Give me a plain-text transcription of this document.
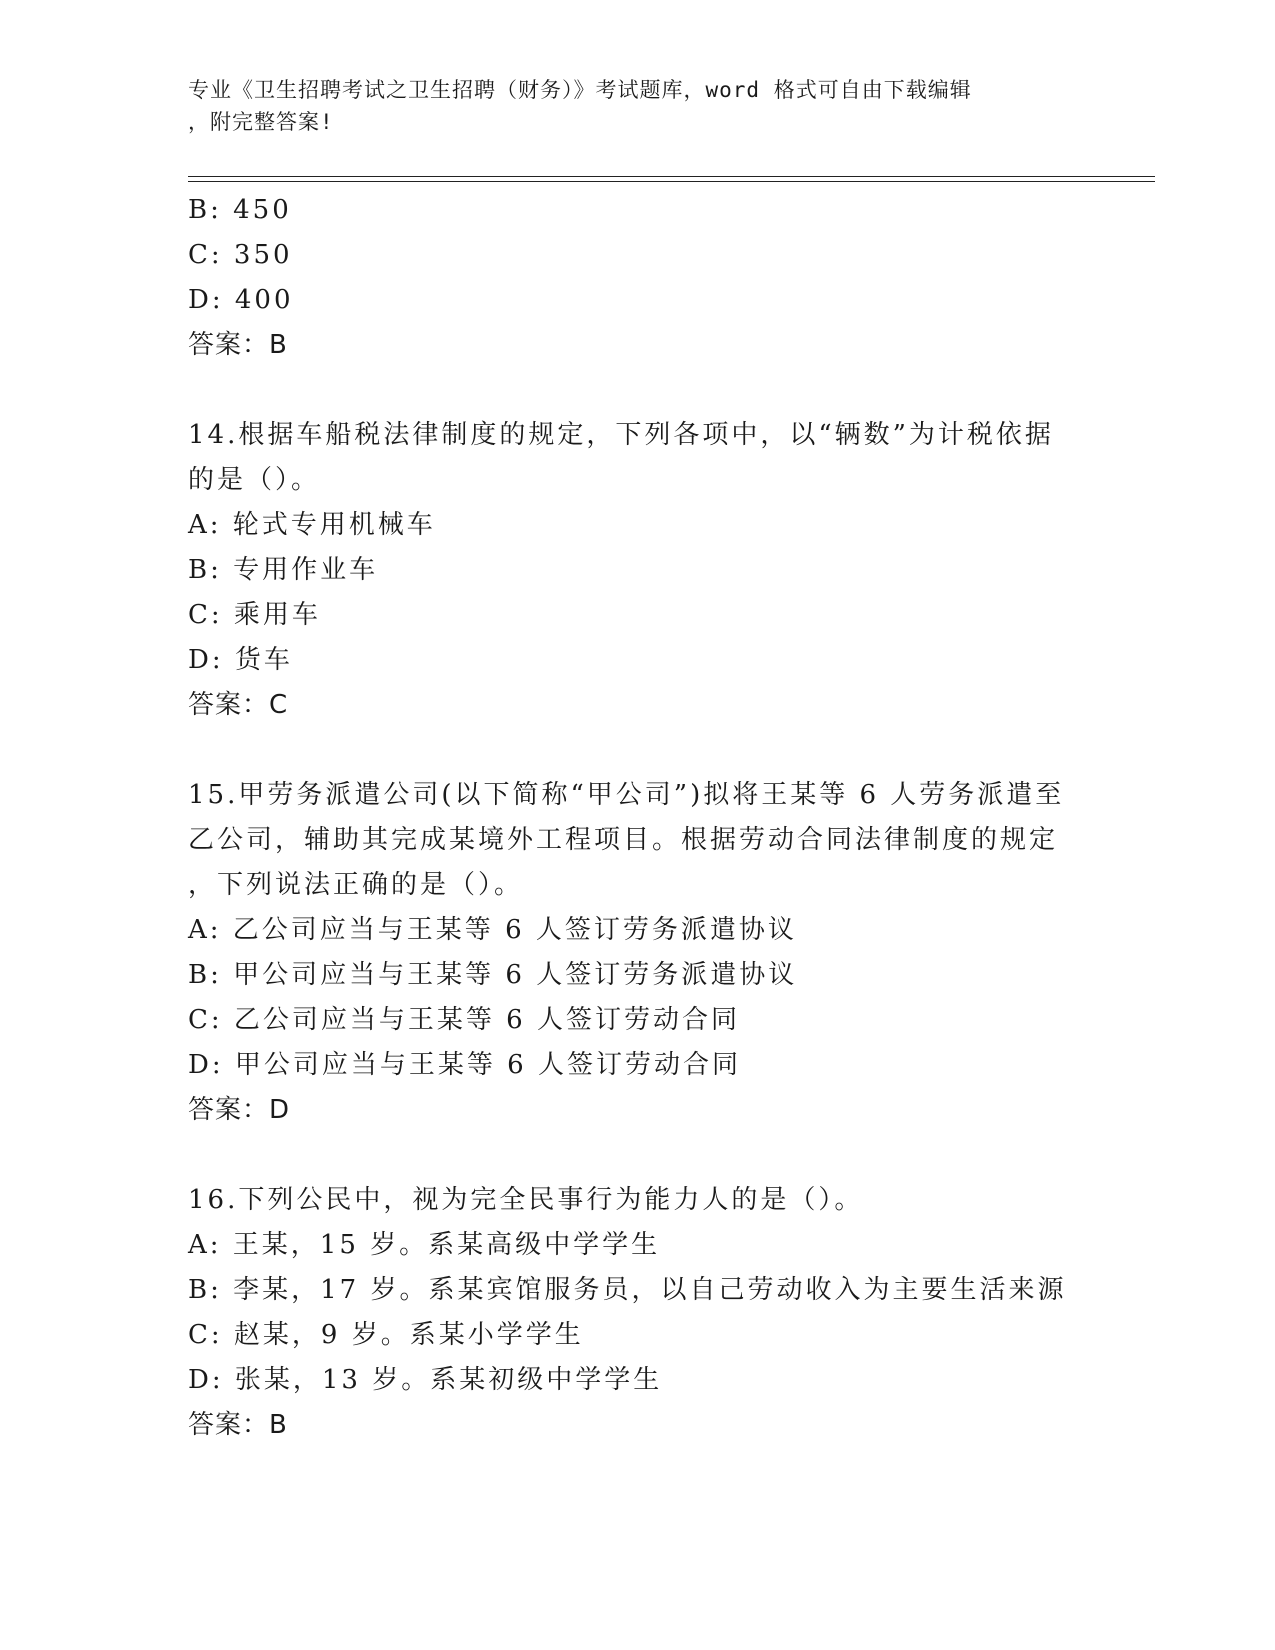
专业《卫生招聘考试之卫生招聘（财务）》考试题库，word 格式可自由下载编辑
，附完整答案!
B: 450
C: 350
D: 400
答案：B
14.根据车船税法律制度的规定，下列各项中，以“辆数”为计税依据
的是（）。
A: 轮式专用机械车
B: 专用作业车
C: 乘用车
D: 货车
答案：C
15.甲劳务派遣公司(以下简称“甲公司”)拟将王某等 6 人劳务派遣至
乙公司，辅助其完成某境外工程项目。根据劳动合同法律制度的规定
，下列说法正确的是（）。
A: 乙公司应当与王某等 6 人签订劳务派遣协议
B: 甲公司应当与王某等 6 人签订劳务派遣协议
C: 乙公司应当与王某等 6 人签订劳动合同
D: 甲公司应当与王某等 6 人签订劳动合同
答案：D
16.下列公民中，视为完全民事行为能力人的是（）。
A: 王某，15 岁。系某高级中学学生
B: 李某，17 岁。系某宾馆服务员，以自己劳动收入为主要生活来源
C: 赵某，9 岁。系某小学学生
D: 张某，13 岁。系某初级中学学生
答案：B
